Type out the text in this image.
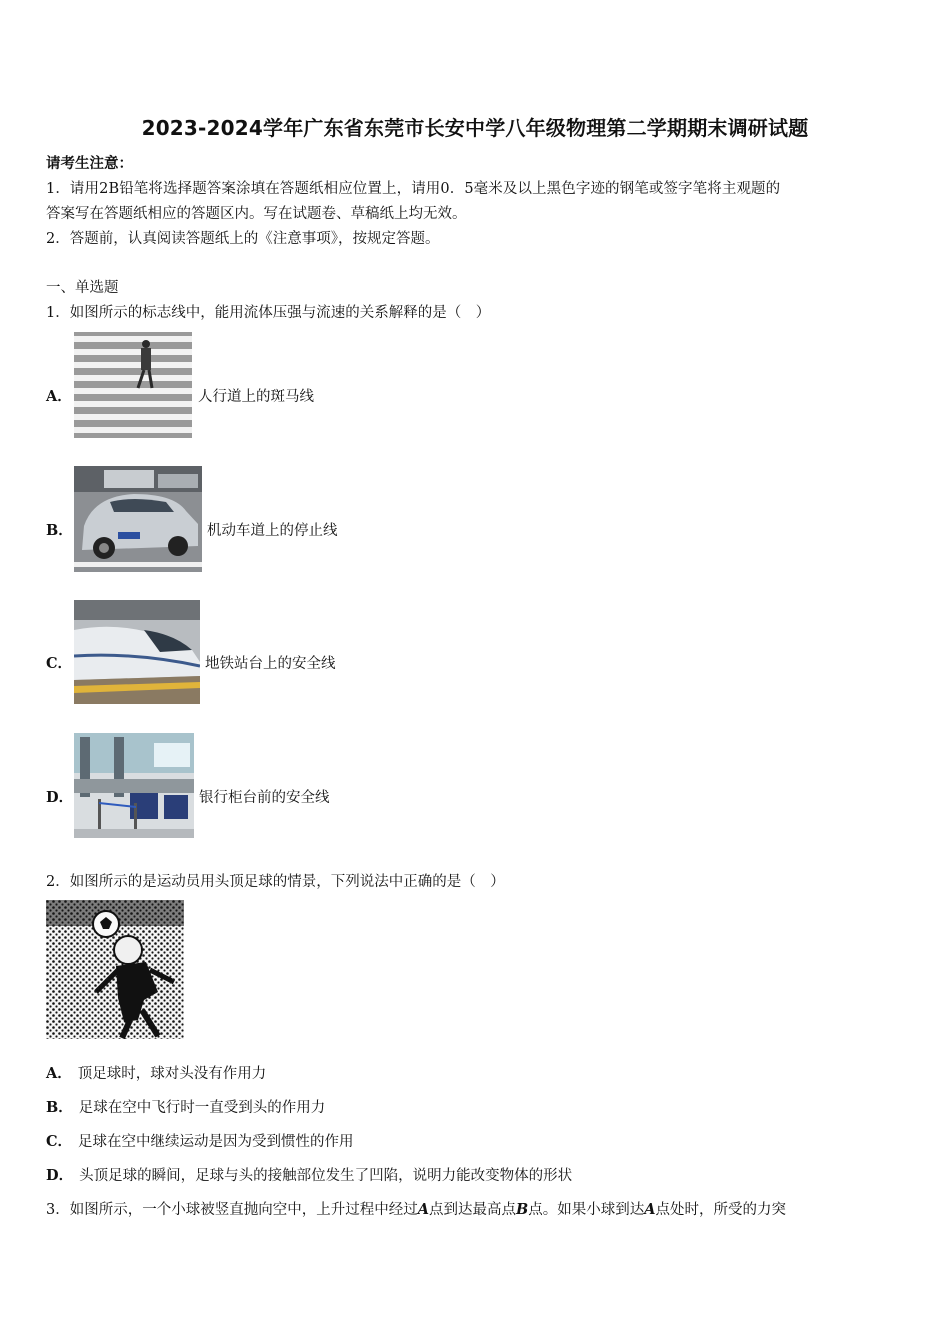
2023-2024学年广东省东莞市长安中学八年级物理第二学期期末调研试题
请考生注意：
1．请用2B铅笔将选择题答案涂填在答题纸相应位置上，请用0．5毫米及以上黑色字迹的钢笔或签字笔将主观题的
答案写在答题纸相应的答题区内。写在试题卷、草稿纸上均无效。
2．答题前，认真阅读答题纸上的《注意事项》，按规定答题。
一、单选题
1．如图所示的标志线中，能用流体压强与流速的关系解释的是（　）
A．	人行道上的斑马线
B．	机动车道上的停止线
C．	地铁站台上的安全线
D．	银行柜台前的安全线
2．如图所示的是运动员用头顶足球的情景，下列说法中正确的是（　）
A． 顶足球时，球对头没有作用力
B． 足球在空中飞行时一直受到头的作用力
C． 足球在空中继续运动是因为受到惯性的作用
D． 头顶足球的瞬间，足球与头的接触部位发生了凹陷，说明力能改变物体的形状
3．如图所示，一个小球被竖直抛向空中，上升过程中经过A点到达最高点B点。如果小球到达A点处时，所受的力突
